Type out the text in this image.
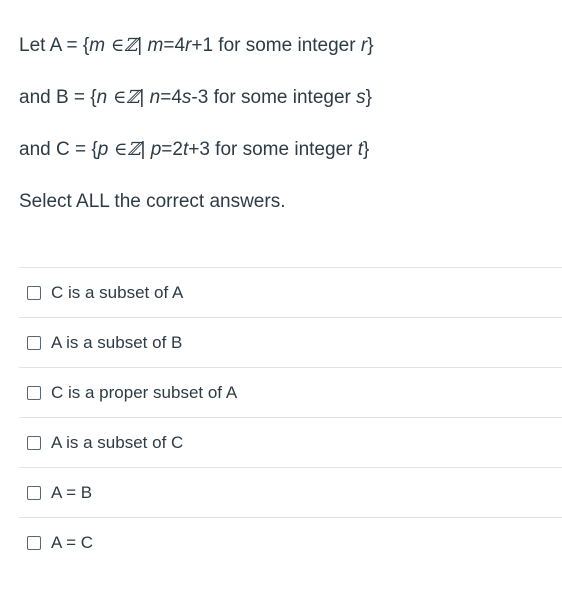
Let A = {m ∈ℤ| m=4r+1 for some integer r}
and B = {n ∈ℤ| n=4s-3 for some integer s}
and C = {p ∈ℤ| p=2t+3 for some integer t}
Select ALL the correct answers.
C is a subset of A
A is a subset of B
C is a proper subset of A
A is a subset of C
A = B
A = C
